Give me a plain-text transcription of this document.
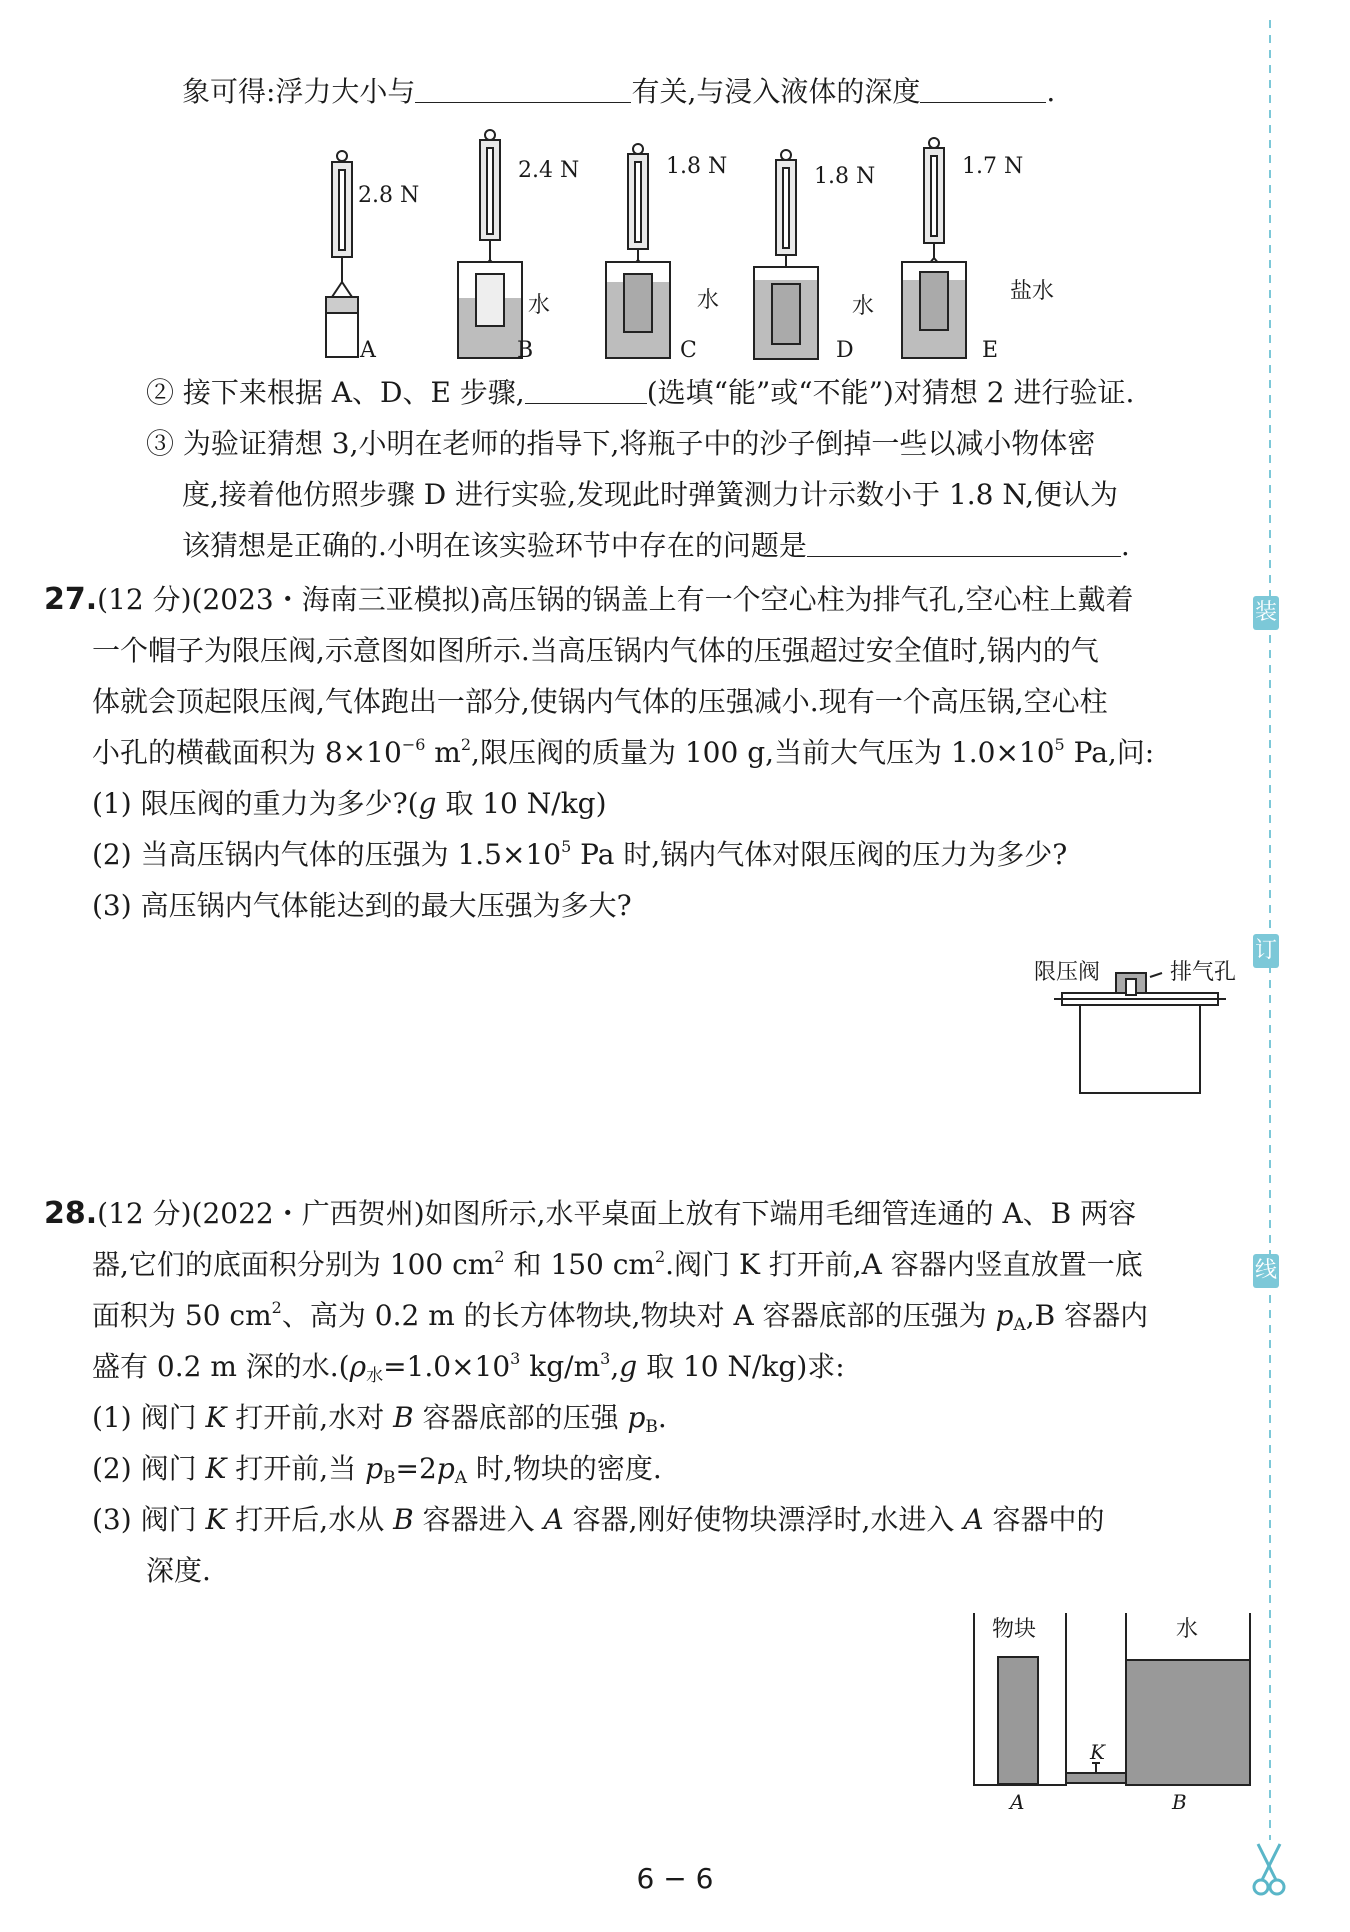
象可得:浮力大小与	有关,与浸入液体的深度	.
2.8 N
2.4 N	1.8 N	1.8 N	1.7 N
水	水	水
盐水
A	B	C	D	E
② 接下来根据 A、D、E 步骤,	(选填“能”或“不能”)对猜想 2 进行验证.
③ 为验证猜想 3,小明在老师的指导下,将瓶子中的沙子倒掉一些以减小物体密
度,接着他仿照步骤 D 进行实验,发现此时弹簧测力计示数小于 1.8 N,便认为
该猜想是正确的.小明在该实验环节中存在的问题是	.
27.(12 分)(2023・海南三亚模拟)高压锅的锅盖上有一个空心柱为排气孔,空心柱上戴着
一个帽子为限压阀,示意图如图所示.当高压锅内气体的压强超过安全值时,锅内的气
体就会顶起限压阀,气体跑出一部分,使锅内气体的压强减小.现有一个高压锅,空心柱
小孔的横截面积为 $8\times 10^{-6}$ $m^2$,限压阀的质量为 100 g,当前大气压为 $1.0\times 10^5$ Pa,问:
(1) 限压阀的重力为多少?(g 取 10 N/kg)
(2) 当高压锅内气体的压强为 $1.5\times 10^5$ Pa 时,锅内气体对限压阀的压力为多少?
(3) 高压锅内气体能达到的最大压强为多大?
限压阀	排气孔
28.(12 分)(2022・广西贺州)如图所示,水平桌面上放有下端用毛细管连通的 A、B 两容
器,它们的底面积分别为 100 $cm^2$ 和 150 $cm^2$.阀门 K 打开前,A 容器内竖直放置一底
面积为 50 $cm^2$、高为 0.2 m 的长方体物块,物块对 A 容器底部的压强为 $p_A,B$ 容器内
盛有 0.2 m 深的水$.(\rho_水=1.0\times 10^3$ $kg/m^3,g$ 取 10 N/kg)求:
(1) 阀门 K 打开前,水对 B 容器底部的压强 $p_B$.
(2) 阀门 K 打开前,当 $p_B=2p_A$ 时,物块的密度.
(3) 阀门 K 打开后,水从 B 容器进入 A 容器,刚好使物块漂浮时,水进入 A 容器中的
深度.
物块	水
K
A	B
装
订
线
6 − 6
